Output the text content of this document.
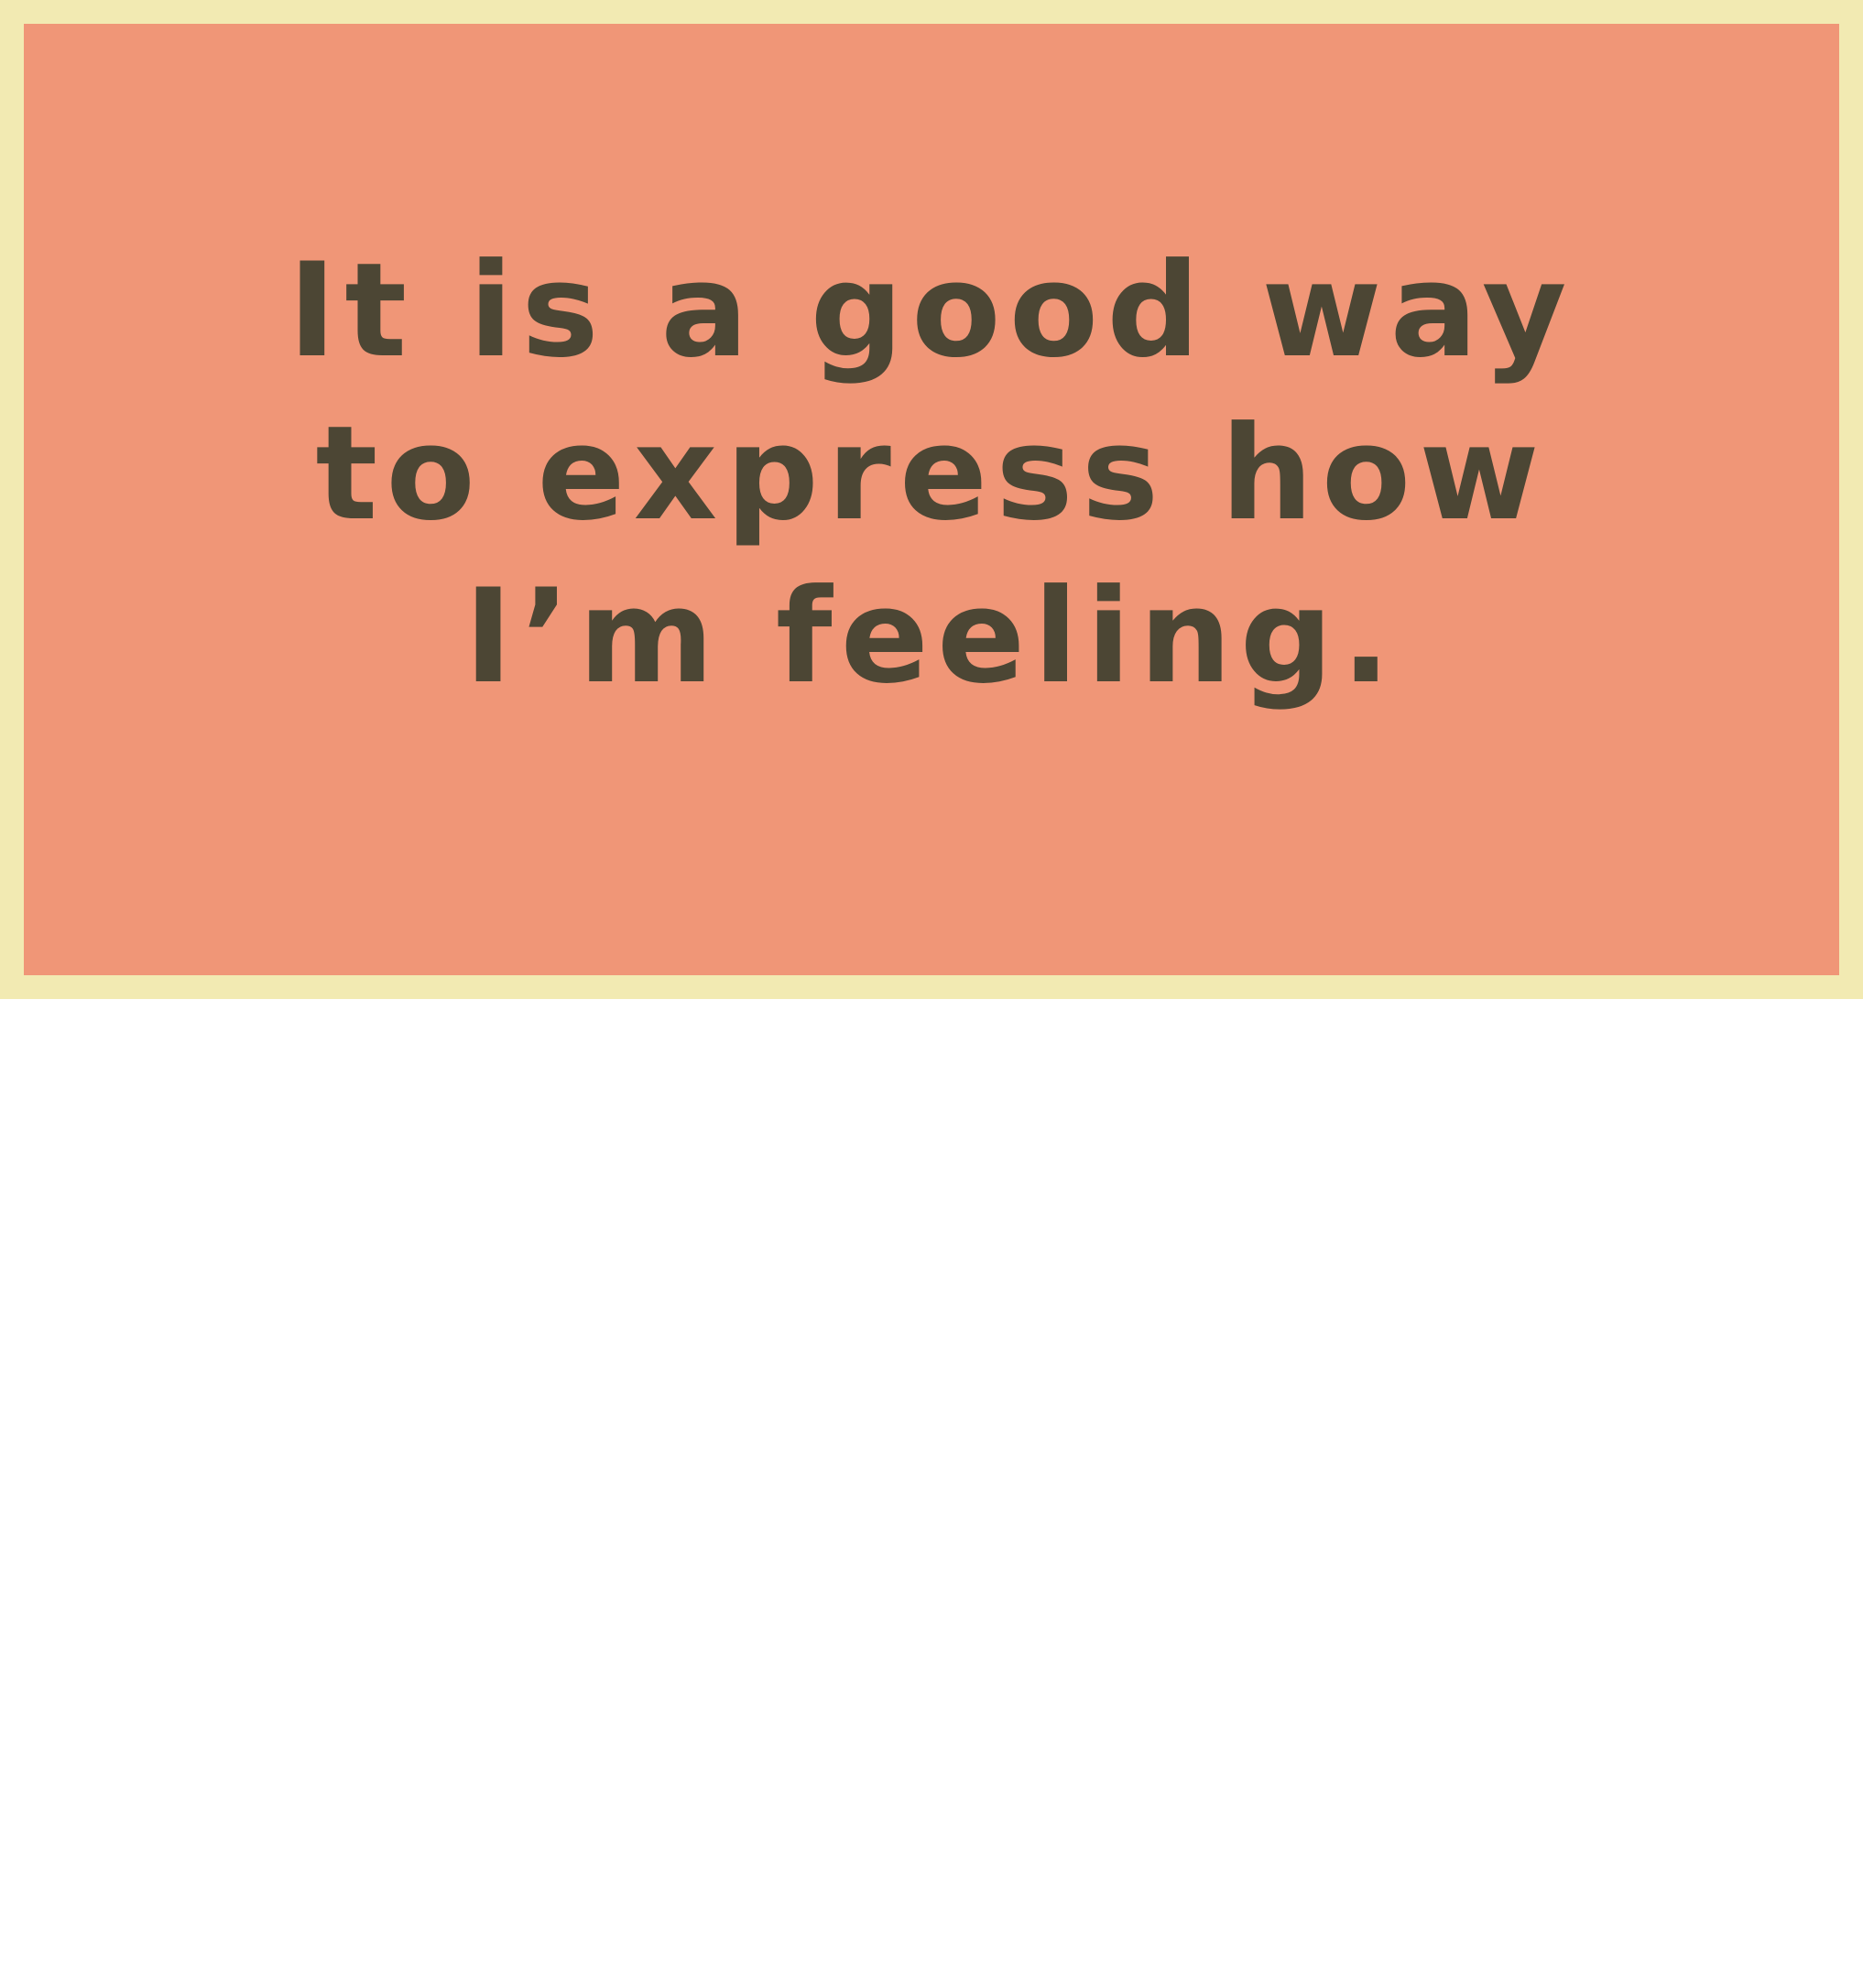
It is a good way
to express how
I’m feeling.
